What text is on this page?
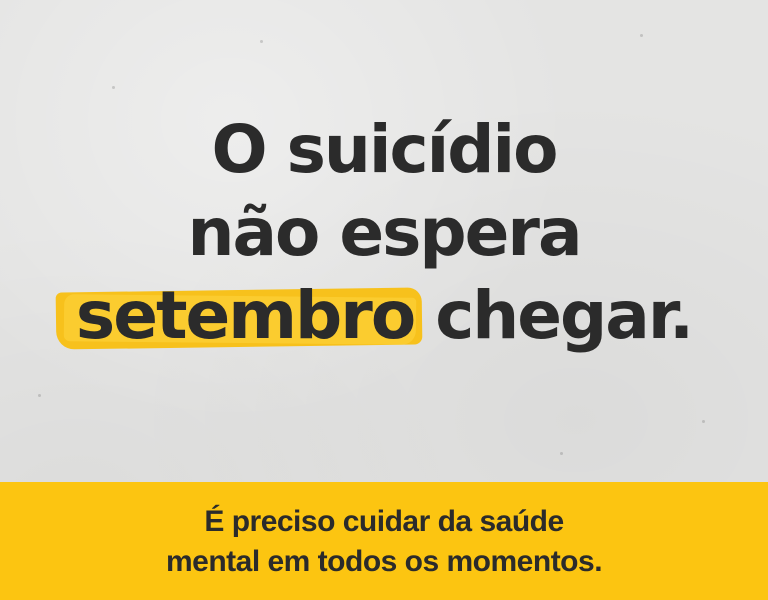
O suicídio
não espera
setembro chegar.

É preciso cuidar da saúde
mental em todos os momentos.
